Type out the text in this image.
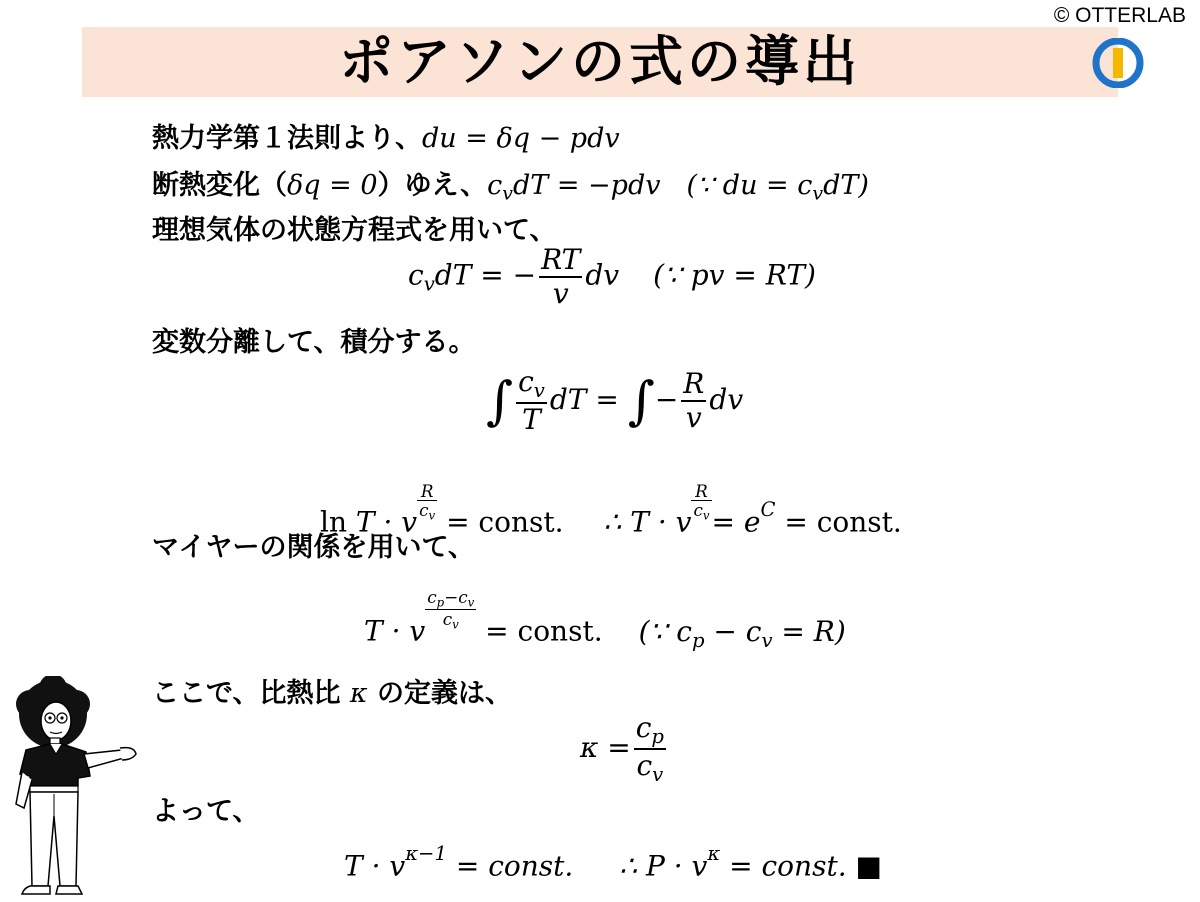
© OTTERLAB
ポアソンの式の導出
熱力学第１法則より、du = δq − pdv
断熱変化（δq = 0）ゆえ、$c_vdT = -pdv$ (∵ du = $c_vdT$)
理想気体の状態方程式を用いて、
$c_vdT$ = − $\frac{RT}{v}$ dv (∵ pv = RT)
変数分離して、積分する。
∫ $\frac{c_v}{T}$ dT = ∫− $\frac{R}{v}$ dv
ln T · v $\frac{R}{c_v}$ = const. ∴ T · v $\frac{R}{c_v} = e^C$ = const.
マイヤーの関係を用いて、
T · v $\frac{c_p-c_v}{c_v}$ = const. (∵ $c_p - c_v = R$)
ここで、比熱比 κ の定義は、
$\kappa = \frac{c_p}{c_v}$
よって、
$T \cdot v^{\kappa-1}$ = const. ∴ $P \cdot v^\kappa$ = const. ■
